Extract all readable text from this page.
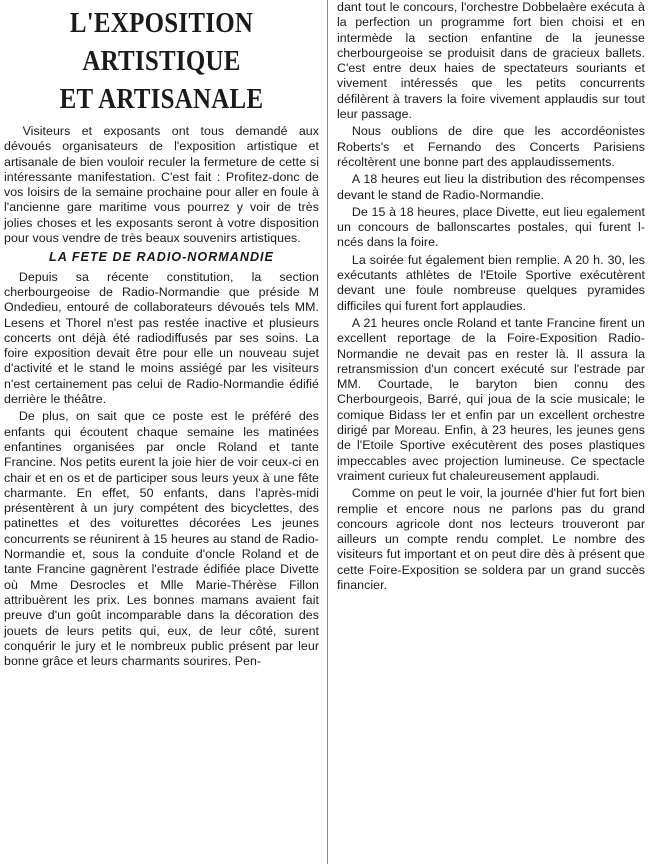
L'EXPOSITION ARTISTIQUE
ET ARTISANALE

Visiteurs et exposants ont tous demandé aux dévoués organisateurs de l'exposition artistique et artisanale de bien vouloir reculer la fermeture de cette si intéressante manifestation. C'est fait : Profitez-donc de vos loisirs de la semaine prochaine pour aller en foule à l'ancienne gare maritime vous pourrez y voir de très jolies choses et les exposants seront à votre disposition pour vous vendre de très beaux souvenirs artistiques.

LA FETE DE RADIO-NORMANDIE

Depuis sa récente constitution, la section cherbourgeoise de Radio-Normandie que préside M Ondedieu, entouré de collaborateurs dévoués tels MM. Lesens et Thorel n'est pas restée inactive et plusieurs concerts ont déjà été radiodiffusés par ses soins. La foire exposition devait être pour elle un nouveau sujet d'activité et le stand le moins assiégé par les visiteurs n'est certainement pas celui de Radio-Normandie édifié derrière le théâtre.

De plus, on sait que ce poste est le préféré des enfants qui écoutent chaque semaine les matinées enfantines organisées par oncle Roland et tante Francine. Nos petits eurent la joie hier de voir ceux-ci en chair et en os et de participer sous leurs yeux à une fête charmante. En effet, 50 enfants, dans l'après-midi présentèrent à un jury compétent des bicyclettes, des patinettes et des voiturettes décorées Les jeunes concurrents se réunirent à 15 heures au stand de Radio-Normandie et, sous la conduite d'oncle Roland et de tante Francine gagnèrent l'estrade édifiée place Divette où Mme Desrocles et Mlle Marie-Thérèse Fillon attribuèrent les prix. Les bonnes mamans avaient fait preuve d'un goût incomparable dans la décoration des jouets de leurs petits qui, eux, de leur côté, surent conquérir le jury et le nombreux public présent par leur bonne grâce et leurs charmants sourires. Pen-

dant tout le concours, l'orchestre Dobbelaère exécuta à la perfection un programme fort bien choisi et en intermède la section enfantine de la jeunesse cherbourgeoise se produisit dans de gracieux ballets. C'est entre deux haies de spectateurs souriants et vivement intéressés que les petits concurrents défilèrent à travers la foire vivement applaudis sur tout leur passage.

Nous oublions de dire que les accordéonistes Roberts's et Fernando des Concerts Parisiens récoltèrent une bonne part des applaudissements.

A 18 heures eut lieu la distribution des récompenses devant le stand de Radio-Normandie.

De 15 à 18 heures, place Divette, eut lieu egalement un concours de ballonscartes postales, qui furent l- ncés dans la foire.

La soirée fut également bien remplie. A 20 h. 30, les exécutants athlètes de l'Etoile Sportive exécutèrent devant une foule nombreuse quelques pyramides difficiles qui furent fort applaudies.

A 21 heures oncle Roland et tante Francine firent un excellent reportage de la Foire-Exposition Radio-Normandie ne devait pas en rester là. Il assura la retransmission d'un concert exécuté sur l'estrade par MM. Courtade, le baryton bien connu des Cherbourgeois, Barré, qui joua de la scie musicale; le comique Bidass Ier et enfin par un excellent orchestre dirigé par Moreau. Enfin, à 23 heures, les jeunes gens de l'Etoile Sportive exécutèrent des poses plastiques impeccables avec projection lumineuse. Ce spectacle vraiment curieux fut chaleureusement applaudi.

Comme on peut le voir, la journée d'hier fut fort bien remplie et encore nous ne parlons pas du grand concours agricole dont nos lecteurs trouveront par ailleurs un compte rendu complet. Le nombre des visiteurs fut important et on peut dire dès à présent que cette Foire-Exposition se soldera par un grand succès financier.
